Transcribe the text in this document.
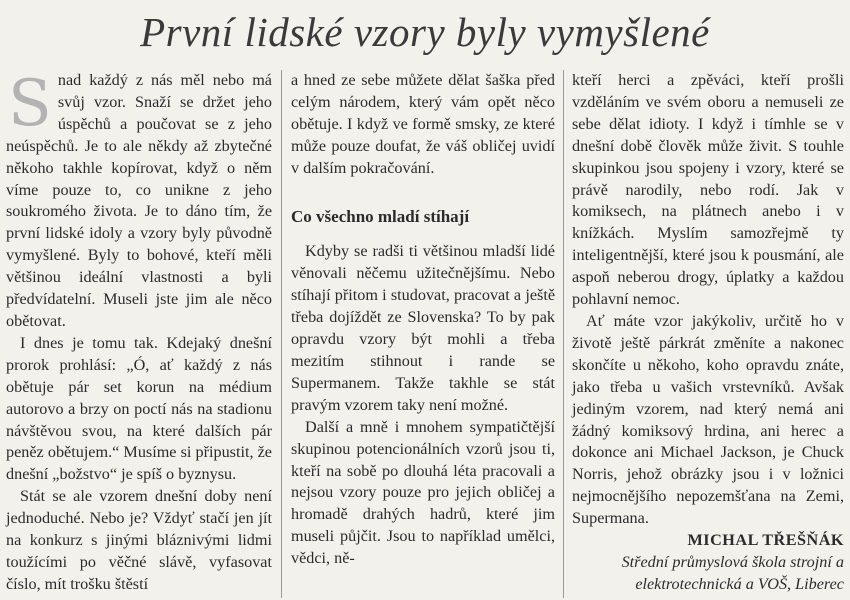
První lidské vzory byly vymyšlené
S nad každý z nás měl nebo má svůj vzor. Snaží se držet jeho úspěchů a poučovat se z jeho neúspěchů. Je to ale někdy až zbytečné někoho takhle kopírovat, když o něm víme pouze to, co unikne z jeho soukromého života. Je to dáno tím, že první lidské idoly a vzory byly původně vymyšlené. Byly to bohové, kteří měli většinou ideální vlastnosti a byli předvídatelní. Museli jste jim ale něco obětovat.

I dnes je tomu tak. Kdejaký dnešní prorok prohlásí: „Ó, ať každý z nás obětuje pár set korun na médium autorovo a brzy on poctí nás na stadionu návštěvou svou, na které dalších pár peněz obětujem.“ Musíme si připustit, že dnešní „božstvo“ je spíš o byznysu.

Stát se ale vzorem dnešní doby není jednoduché. Nebo je? Vždyť stačí jen jít na konkurz s jinými bláznivými lidmi toužícími po věčné slávě, vyfasovat číslo, mít trošku štěstí

a hned ze sebe můžete dělat šaška před celým národem, který vám opět něco obětuje. I když ve formě smsky, ze které může pouze doufat, že váš obličej uvidí v dalším pokračování.

Co všechno mladí stíhají

Kdyby se radši ti většinou mladší lidé věnovali něčemu užitečnějšímu. Nebo stíhají přitom i studovat, pracovat a ještě třeba dojíždět ze Slovenska? To by pak opravdu vzory být mohli a třeba mezitím stihnout i rande se Supermanem. Takže takhle se stát pravým vzorem taky není možné.

Další a mně i mnohem sympatičtější skupinou potencionálních vzorů jsou ti, kteří na sobě po dlouhá léta pracovali a nejsou vzory pouze pro jejich obličej a hromadě drahých hadrů, které jim museli půjčit. Jsou to například umělci, vědci, ně-

kteří herci a zpěváci, kteří prošli vzděláním ve svém oboru a nemuseli ze sebe dělat idioty. I když i tímhle se v dnešní době člověk může živit. S touhle skupinkou jsou spojeny i vzory, které se právě narodily, nebo rodí. Jak v komiksech, na plátnech anebo i v knížkách. Myslím samozřejmě ty inteligentnější, které jsou k pousmání, ale aspoň neberou drogy, úplatky a každou pohlavní nemoc.

Ať máte vzor jakýkoliv, určitě ho v životě ještě párkrát změníte a nakonec skončíte u někoho, koho opravdu znáte, jako třeba u vašich vrstevníků. Avšak jediným vzorem, nad který nemá ani žádný komiksový hrdina, ani herec a dokonce ani Michael Jackson, je Chuck Norris, jehož obrázky jsou i v ložnici nejmocnějšího nepozemšťana na Zemi, Supermana.

MICHAL TŘEŠŇÁK
Střední průmyslová škola strojní a
elektrotechnická a VOŠ, Liberec
